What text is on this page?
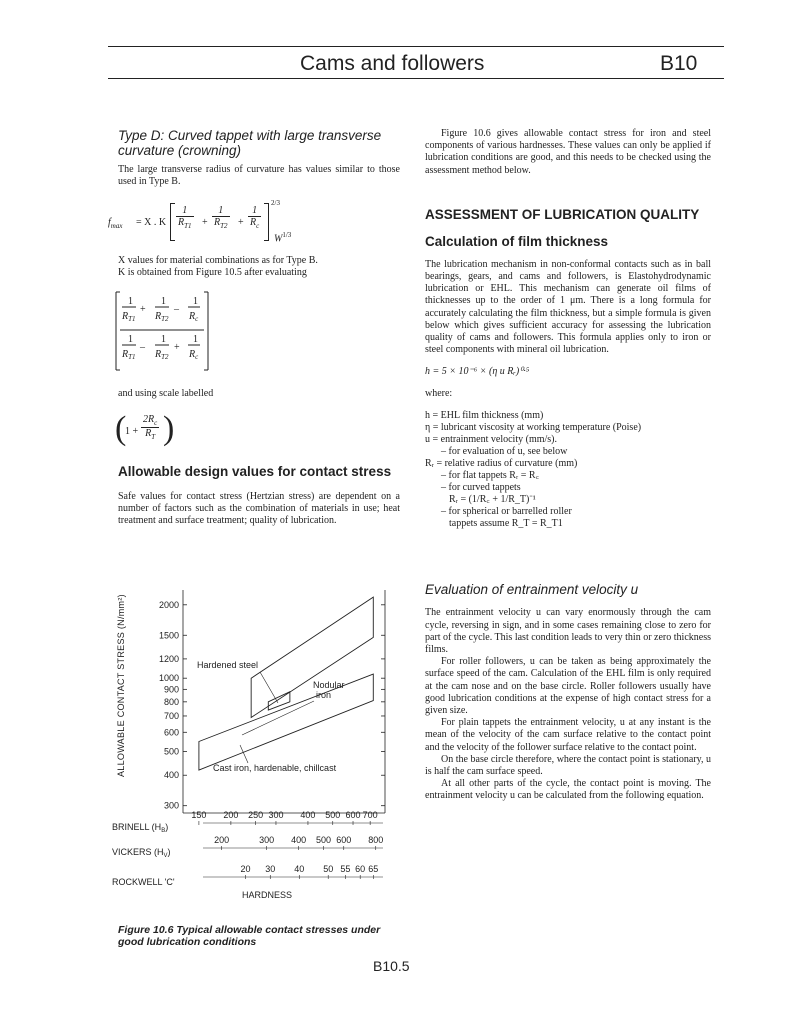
Cams and followers	B10

Type D: Curved tappet with large transverse curvature (crowning)

The large transverse radius of curvature has values similar to those used in Type B.

$f_{max} = X$ . K $\frac{1}{R_{T1}} + \frac{1}{R_{T2}} + \frac{1}{R_c}$
2/3
$W^{1/3}$

X values for material combinations as for Type B.

K is obtained from Figure 10.5 after evaluating

1
+
1
–
1
$R_{T1}$ $R_{T2}$ $R_c$
1
–
1
+
1
$R_{T1}$ $R_{T2}$ $R_c$

and using scale labelled

(
$1 + \frac{2R_c}{R_T}$ )

Allowable design values for contact stress

Safe values for contact stress (Hertzian stress) are dependent on a number of factors such as the combination of materials in use; heat treatment and surface treatment; quality of lubrication.

ALLOWABLE CONTACT STRESS (N/mm²)	2000
1500
1200
1000
900
800
700
600
500
400
300
Hardened steel
Nodular
iron
Cast iron, hardenable, chillcast
150 200 250 300 400 500 600 700
200	300 400 500 600 800
20 30 40 50 55 60 65
BRINELL $(H_B)$
VICKERS $(H_V)$
ROCKWELL 'C'
HARDNESS
Figure 10.6 Typical allowable contact stresses under good lubrication conditions

Figure 10.6 gives allowable contact stress for iron and steel components of various hardnesses. These values can only be applied if lubrication conditions are good, and this needs to be checked using the assessment method below.

ASSESSMENT OF LUBRICATION QUALITY

Calculation of film thickness

The lubrication mechanism in non-conformal contacts such as in ball bearings, gears, and cams and followers, is Elastohydrodynamic lubrication or EHL. This mechanism can generate oil films of thicknesses up to the order of 1 μm. There is a long formula for accurately calculating the film thickness, but a simple formula is given below which gives sufficient accuracy for assessing the lubrication quality of cams and followers. This formula applies only to iron or steel components with mineral oil lubrication.

h = 5 × 10⁻⁶ × (η u Rᵣ)⁰·⁵

where:

h = EHL film thickness (mm)

η = lubricant viscosity at working temperature (Poise)

u = entrainment velocity (mm/s).

– for evaluation of u, see below

Rᵣ = relative radius of curvature (mm)

– for flat tappets Rᵣ = R꜀

– for curved tappets

Rᵣ = (1/R꜀ + 1/R_T)⁻¹

– for spherical or barrelled roller

tappets assume R_T = R_T1

Evaluation of entrainment velocity u

The entrainment velocity u can vary enormously through the cam cycle, reversing in sign, and in some cases remaining close to zero for part of the cycle. This last condition leads to very thin or zero thickness films.

For roller followers, u can be taken as being approximately the surface speed of the cam. Calculation of the EHL film is only required at the cam nose and on the base circle. Roller followers usually have good lubrication conditions at the expense of high contact stress for a given size.

For plain tappets the entrainment velocity, u at any instant is the mean of the velocity of the cam surface relative to the contact point and the velocity of the follower surface relative to the contact point.

On the base circle therefore, where the contact point is stationary, u is half the cam surface speed.

At all other parts of the cycle, the contact point is moving. The entrainment velocity u can be calculated from the following equation.

B10.5
